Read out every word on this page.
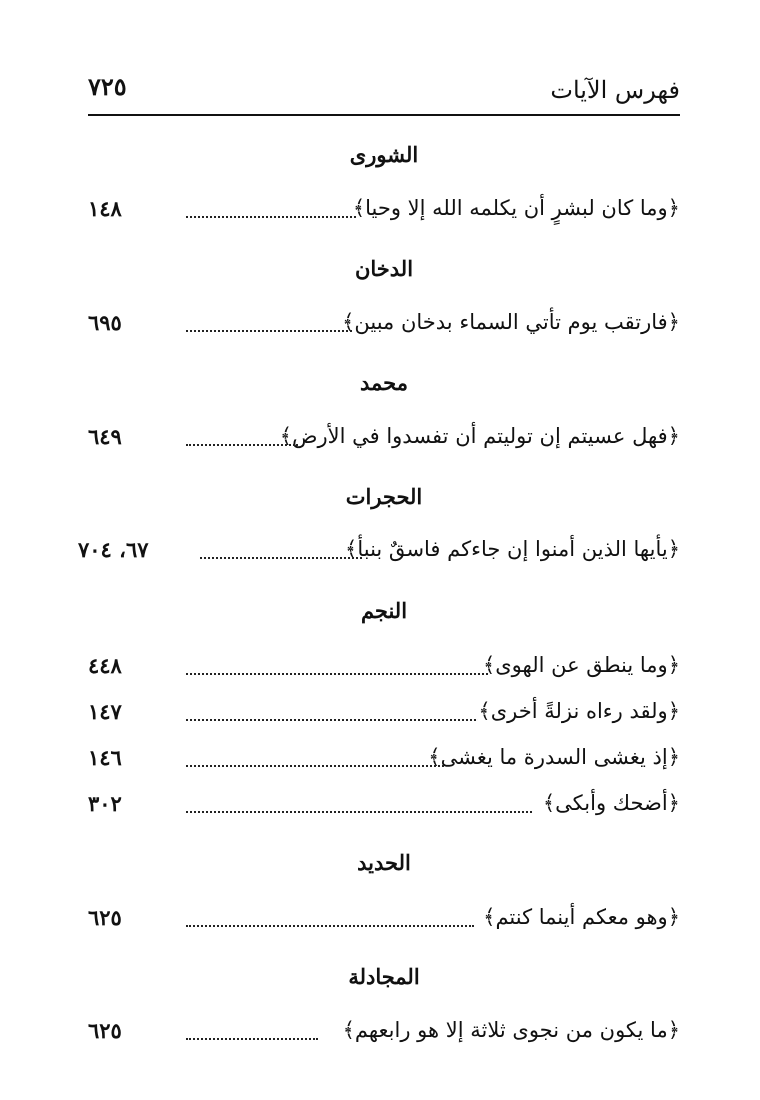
فهرس الآيات
٧٢٥
الشورى
﴿وما كان لبشرٍ أن يكلمه الله إلا وحيا﴾
١٤٨
الدخان
﴿فارتقب يوم تأتي السماء بدخان مبين﴾
٦٩٥
محمد
﴿فهل عسيتم إن توليتم أن تفسدوا في الأرض﴾
٦٤٩
الحجرات
﴿يأيها الذين أمنوا إن جاءكم فاسقٌ بنبأ﴾
٦٧، ٧٠٤
النجم
﴿وما ينطق عن الهوى﴾
٤٤٨
﴿ولقد رءاه نزلةً أخرى﴾
١٤٧
﴿إذ يغشى السدرة ما يغشى﴾
١٤٦
﴿أضحك وأبكى﴾
٣٠٢
الحديد
﴿وهو معكم أينما كنتم﴾
٦٢٥
المجادلة
﴿ما يكون من نجوى ثلاثة إلا هو رابعهم﴾
٦٢٥
